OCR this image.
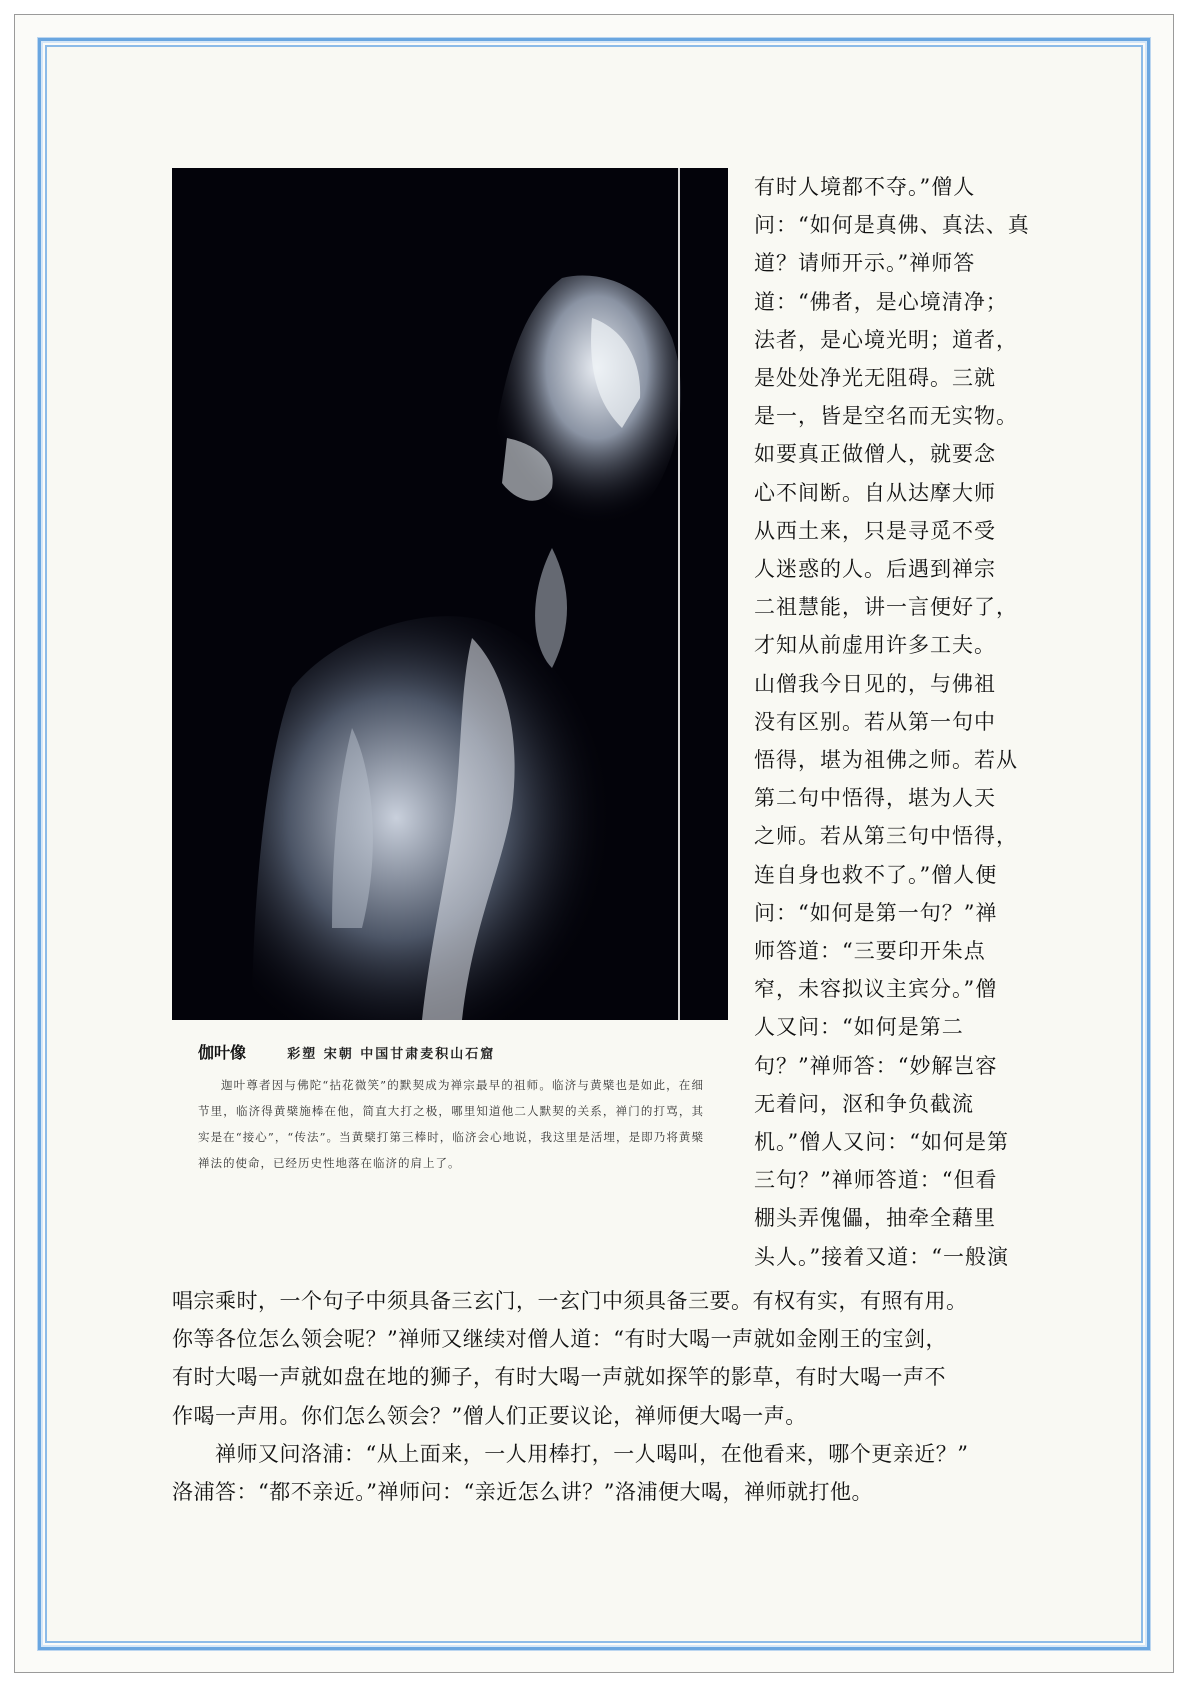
伽叶像	彩塑 宋朝 中国甘肃麦积山石窟
迦叶尊者因与佛陀“拈花微笑”的默契成为禅宗最早的祖师。临济与黄檗也是如此，在细节里，临济得黄檗施棒在他，简直大打之极，哪里知道他二人默契的关系，禅门的打骂，其实是在“接心”，“传法”。当黄檗打第三棒时，临济会心地说，我这里是活埋，是即乃将黄檗禅法的使命，已经历史性地落在临济的肩上了。
有时人境都不夺。”僧人
问：“如何是真佛、真法、真
道？请师开示。”禅师答
道：“佛者，是心境清净；
法者，是心境光明；道者，
是处处净光无阻碍。三就
是一，皆是空名而无实物。
如要真正做僧人，就要念
心不间断。自从达摩大师
从西土来，只是寻觅不受
人迷惑的人。后遇到禅宗
二祖慧能，讲一言便好了，
才知从前虚用许多工夫。
山僧我今日见的，与佛祖
没有区别。若从第一句中
悟得，堪为祖佛之师。若从
第二句中悟得，堪为人天
之师。若从第三句中悟得，
连自身也救不了。”僧人便
问：“如何是第一句？”禅
师答道：“三要印开朱点
窄，未容拟议主宾分。”僧
人又问：“如何是第二
句？”禅师答：“妙解岂容
无着问，沤和争负截流
机。”僧人又问：“如何是第
三句？”禅师答道：“但看
棚头弄傀儡，抽牵全藉里
头人。”接着又道：“一般演
唱宗乘时，一个句子中须具备三玄门，一玄门中须具备三要。有权有实，有照有用。
你等各位怎么领会呢？”禅师又继续对僧人道：“有时大喝一声就如金刚王的宝剑，
有时大喝一声就如盘在地的狮子，有时大喝一声就如探竿的影草，有时大喝一声不
作喝一声用。你们怎么领会？”僧人们正要议论，禅师便大喝一声。
　　禅师又问洛浦：“从上面来，一人用棒打，一人喝叫，在他看来，哪个更亲近？”
洛浦答：“都不亲近。”禅师问：“亲近怎么讲？”洛浦便大喝，禅师就打他。
